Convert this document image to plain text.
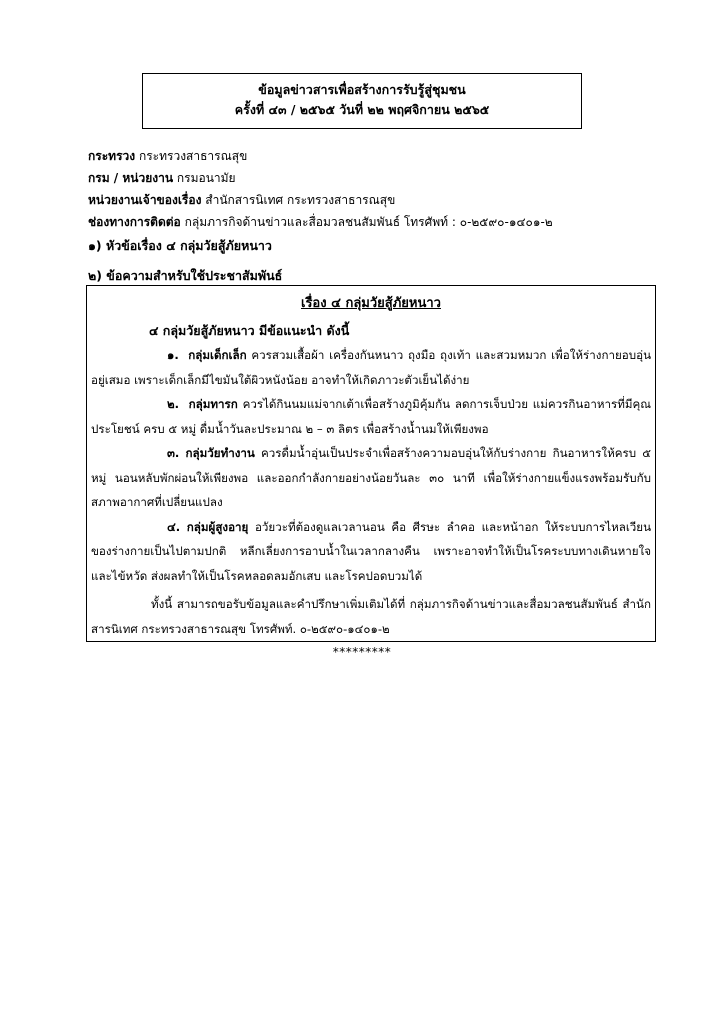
ข้อมูลข่าวสารเพื่อสร้างการรับรู้สู่ชุมชน
ครั้งที่ ๔๓ / ๒๕๖๕ วันที่ ๒๒ พฤศจิกายน ๒๕๖๕
กระทรวง กระทรวงสาธารณสุข
กรม / หน่วยงาน กรมอนามัย
หน่วยงานเจ้าของเรื่อง สำนักสารนิเทศ กระทรวงสาธารณสุข
ช่องทางการติดต่อ กลุ่มภารกิจด้านข่าวและสื่อมวลชนสัมพันธ์ โทรศัพท์ : ๐-๒๕๙๐-๑๔๐๑-๒
๑) หัวข้อเรื่อง ๔ กลุ่มวัยสู้ภัยหนาว
๒) ข้อความสำหรับใช้ประชาสัมพันธ์
เรื่อง ๔ กลุ่มวัยสู้ภัยหนาว
๔ กลุ่มวัยสู้ภัยหนาว มีข้อแนะนำ ดังนี้

๑. กลุ่มเด็กเล็ก ควรสวมเสื้อผ้า เครื่องกันหนาว ถุงมือ ถุงเท้า และสวมหมวก เพื่อให้ร่างกายอบอุ่นอยู่เสมอ เพราะเด็กเล็กมีไขมันใต้ผิวหนังน้อย อาจทำให้เกิดภาวะตัวเย็นได้ง่าย

๒. กลุ่มทารก ควรได้กินนมแม่จากเต้าเพื่อสร้างภูมิคุ้มกัน ลดการเจ็บป่วย แม่ควรกินอาหารที่มีคุณประโยชน์ ครบ ๕ หมู่ ดื่มน้ำวันละประมาณ ๒ – ๓ ลิตร เพื่อสร้างน้ำนมให้เพียงพอ

๓. กลุ่มวัยทำงาน ควรดื่มน้ำอุ่นเป็นประจำเพื่อสร้างความอบอุ่นให้กับร่างกาย กินอาหารให้ครบ ๕ หมู่ นอนหลับพักผ่อนให้เพียงพอ และออกกำลังกายอย่างน้อยวันละ ๓๐ นาที เพื่อให้ร่างกายแข็งแรงพร้อมรับกับสภาพอากาศที่เปลี่ยนแปลง

๔. กลุ่มผู้สูงอายุ อวัยวะที่ต้องดูแลเวลานอน คือ ศีรษะ ลำคอ และหน้าอก ให้ระบบการไหลเวียนของร่างกายเป็นไปตามปกติ หลีกเลี่ยงการอาบน้ำในเวลากลางคืน เพราะอาจทำให้เป็นโรคระบบทางเดินหายใจ และไข้หวัด ส่งผลทำให้เป็นโรคหลอดลมอักเสบ และโรคปอดบวมได้

ทั้งนี้ สามารถขอรับข้อมูลและคำปรึกษาเพิ่มเติมได้ที่ กลุ่มภารกิจด้านข่าวและสื่อมวลชนสัมพันธ์ สำนักสารนิเทศ กระทรวงสาธารณสุข โทรศัพท์. ๐-๒๕๙๐-๑๔๐๑-๒

*********
